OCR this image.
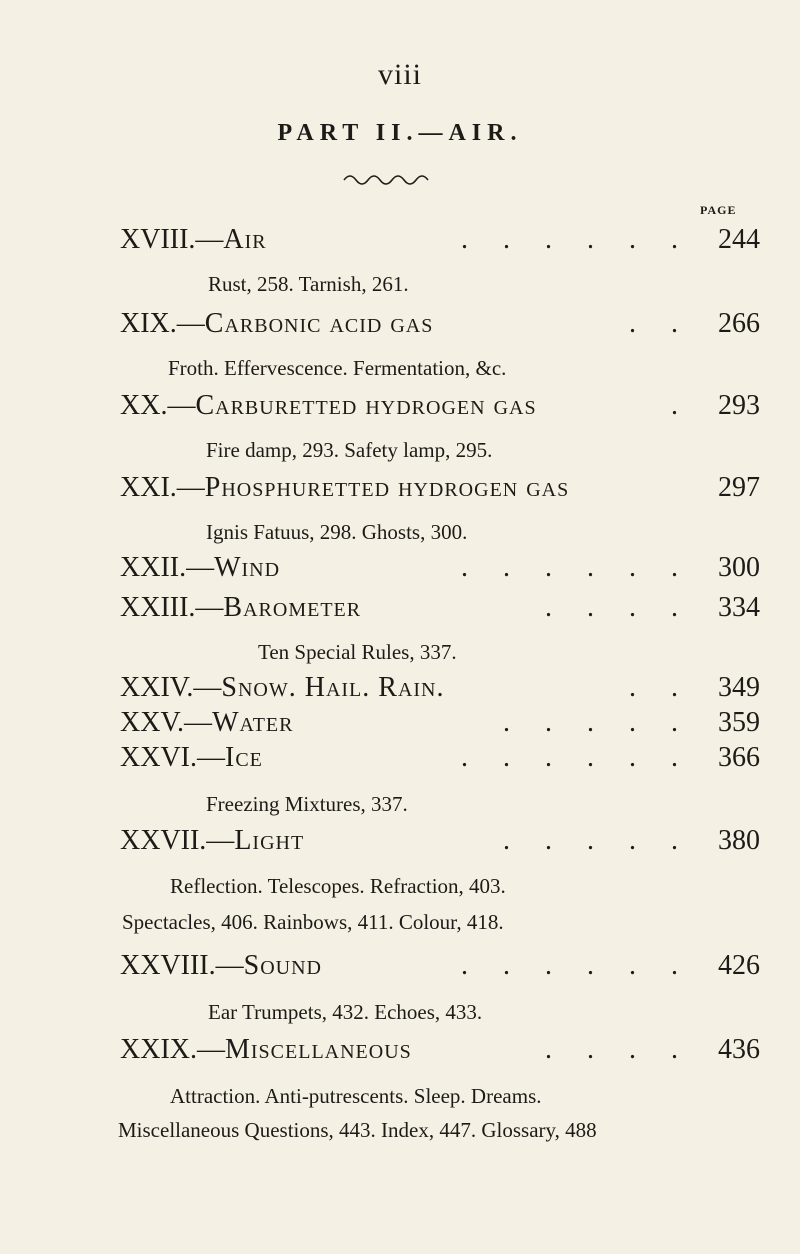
viii
PART II.—AIR.
PAGE
XVIII.— Air	. . . . . . 244
Rust, 258. Tarnish, 261.
XIX.— Carbonic acid gas	. . 266
Froth. Effervescence. Fermentation, &c.
XX.— Carburetted hydrogen gas	. 293
Fire damp, 293. Safety lamp, 295.
XXI.— Phosphuretted hydrogen gas	297
Ignis Fatuus, 298. Ghosts, 300.
XXII.— Wind	. . . . . . 300
XXIII.— Barometer	. . . . 334
Ten Special Rules, 337.
XXIV.— Snow. Hail. Rain.	. . 349
XXV.— Water	. . . . . 359
XXVI.— Ice	. . . . . . 366
Freezing Mixtures, 337.
XXVII.— Light	. . . . . 380
Reflection. Telescopes. Refraction, 403.
Spectacles, 406. Rainbows, 411. Colour, 418.
XXVIII.— Sound	. . . . . . 426
Ear Trumpets, 432. Echoes, 433.
XXIX.— Miscellaneous	. . . . 436
Attraction. Anti-putrescents. Sleep. Dreams.
Miscellaneous Questions, 443. Index, 447. Glossary, 488
